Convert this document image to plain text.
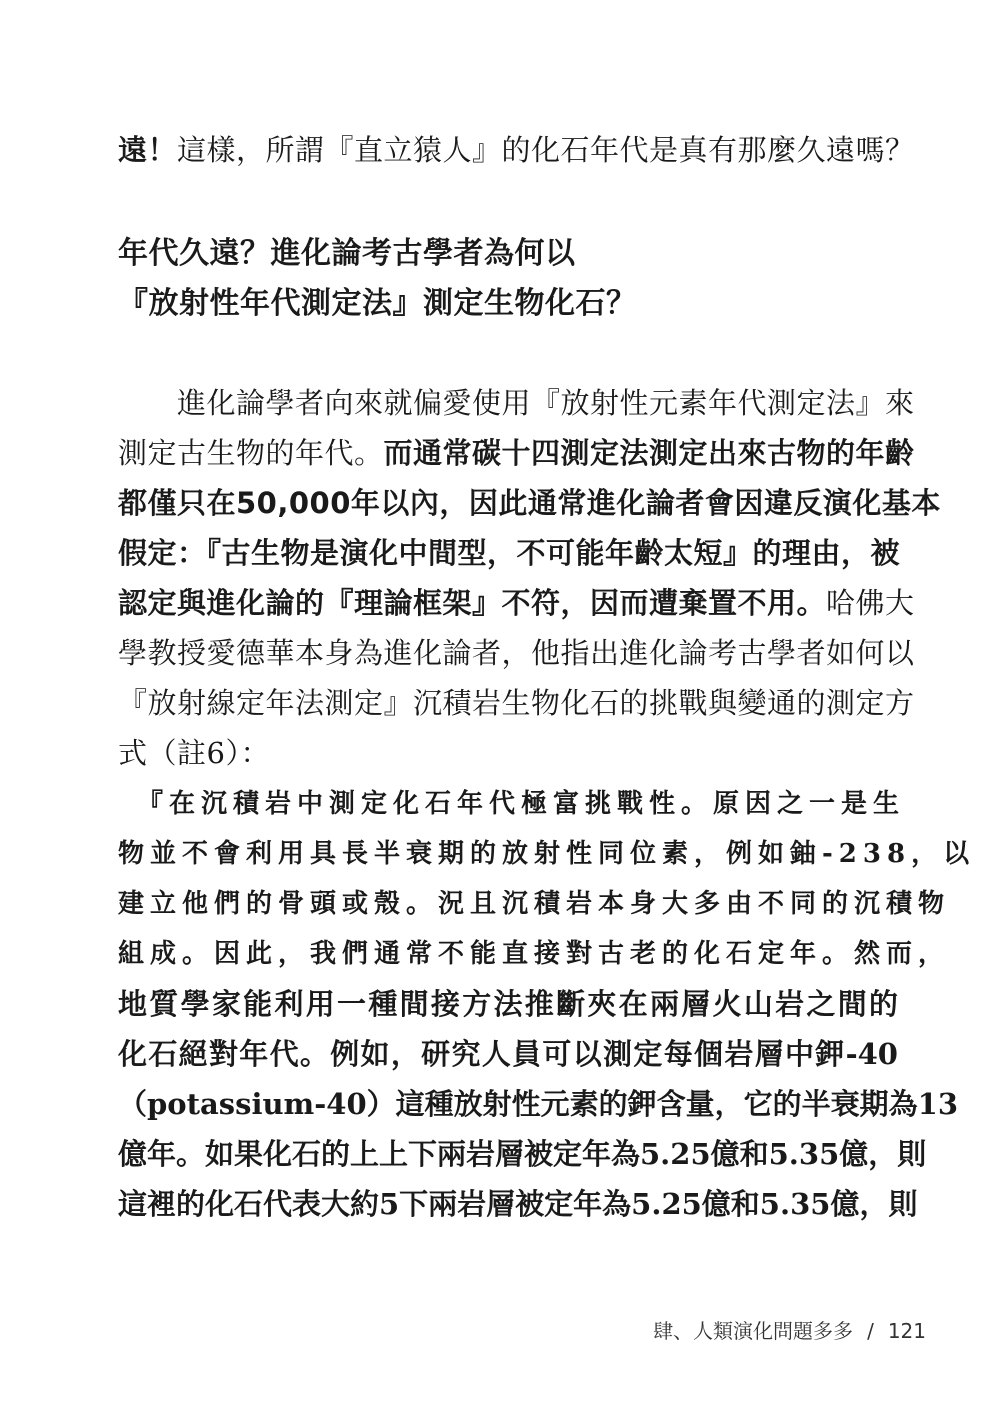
遠！這樣，所謂『直立猿人』的化石年代是真有那麼久遠嗎？
年代久遠？進化論考古學者為何以
『放射性年代測定法』測定生物化石？
　　進化論學者向來就偏愛使用『放射性元素年代測定法』來
測定古生物的年代。而通常碳十四測定法測定出來古物的年齡
都僅只在50,000年以內，因此通常進化論者會因違反演化基本
假定：『古生物是演化中間型，不可能年齡太短』的理由，被
認定與進化論的『理論框架』不符，因而遭棄置不用。哈佛大
學教授愛德華本身為進化論者，他指出進化論考古學者如何以
『放射線定年法測定』沉積岩生物化石的挑戰與變通的測定方
式（註6）：
　『在沉積岩中測定化石年代極富挑戰性。原因之一是生
物並不會利用具長半衰期的放射性同位素，例如鈾-238，以
建立他們的骨頭或殼。況且沉積岩本身大多由不同的沉積物
組成。因此，我們通常不能直接對古老的化石定年。然而，
地質學家能利用一種間接方法推斷夾在兩層火山岩之間的
化石絕對年代。例如，研究人員可以測定每個岩層中鉀-40
（potassium-40）這種放射性元素的鉀含量，它的半衰期為13
億年。如果化石的上上下兩岩層被定年為5.25億和5.35億，則
這裡的化石代表大約5下兩岩層被定年為5.25億和5.35億，則
肆、人類演化問題多多 / 121
